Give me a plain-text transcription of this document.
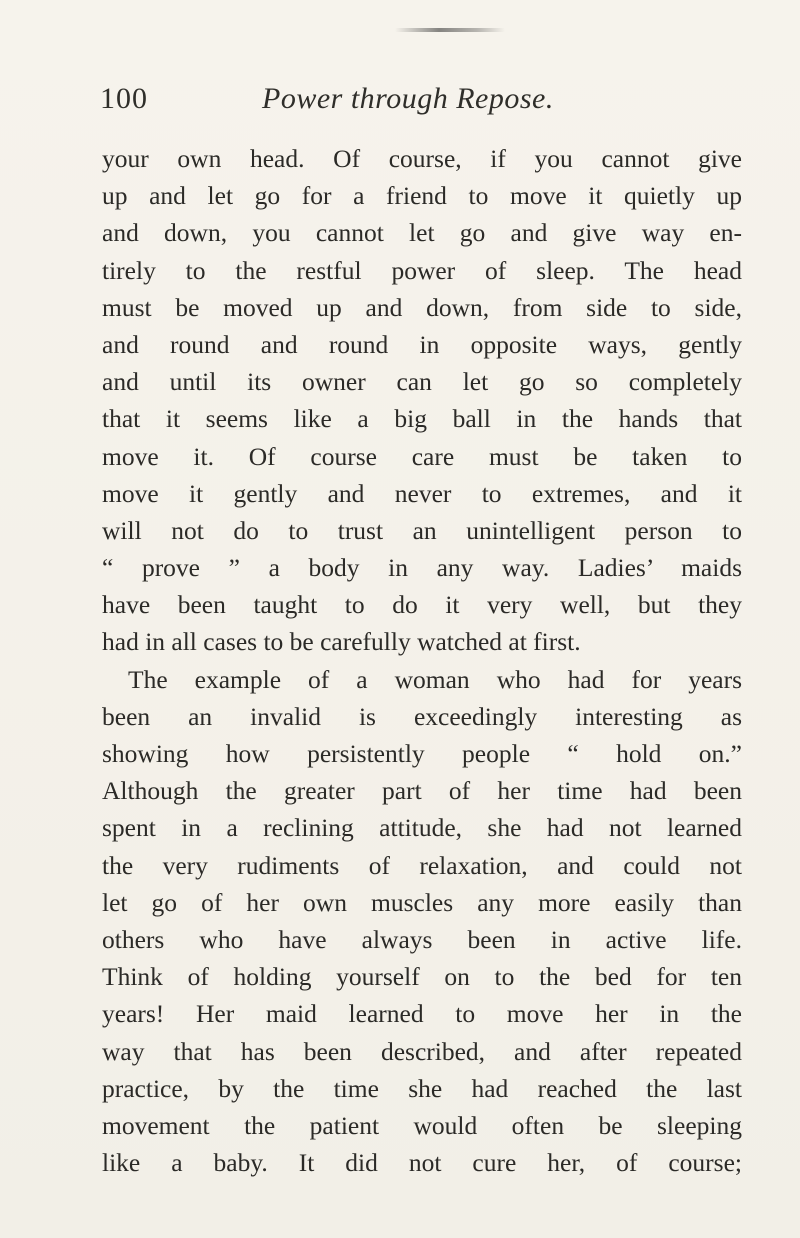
100	Power through Repose.
your own head. Of course, if you cannot give
up and let go for a friend to move it quietly up
and down, you cannot let go and give way en-
tirely to the restful power of sleep. The head
must be moved up and down, from side to side,
and round and round in opposite ways, gently
and until its owner can let go so completely
that it seems like a big ball in the hands that
move it. Of course care must be taken to
move it gently and never to extremes, and it
will not do to trust an unintelligent person to
“ prove ” a body in any way. Ladies’ maids
have been taught to do it very well, but they
had in all cases to be carefully watched at first.
The example of a woman who had for years
been an invalid is exceedingly interesting as
showing how persistently people “ hold on.”
Although the greater part of her time had been
spent in a reclining attitude, she had not learned
the very rudiments of relaxation, and could not
let go of her own muscles any more easily than
others who have always been in active life.
Think of holding yourself on to the bed for ten
years! Her maid learned to move her in the
way that has been described, and after repeated
practice, by the time she had reached the last
movement the patient would often be sleeping
like a baby. It did not cure her, of course;
